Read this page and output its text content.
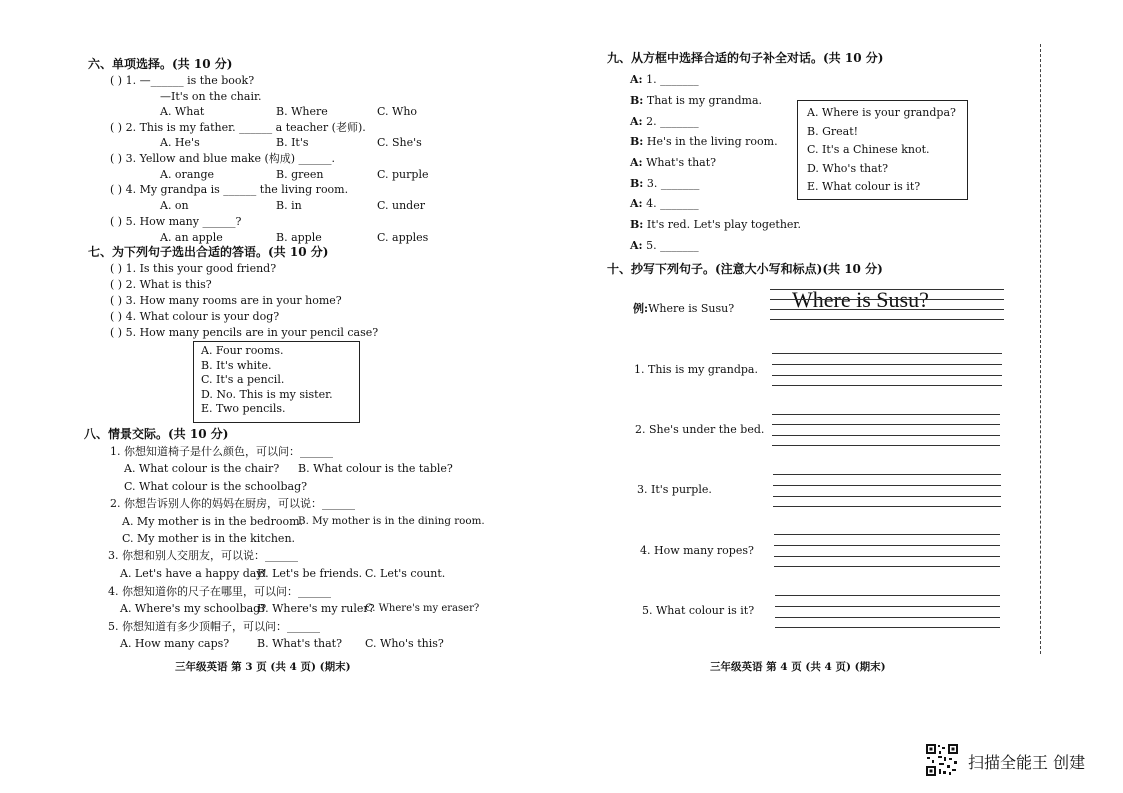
六、单项选择。(共 10 分)
( ) 1. —______ is the book?
—It's on the chair.
A. What	B. Where	C. Who
( ) 2. This is my father. ______ a teacher (老师).
A. He's	B. It's	C. She's
( ) 3. Yellow and blue make (构成) ______.
A. orange	B. green	C. purple
( ) 4. My grandpa is ______ the living room.
A. on	B. in	C. under
( ) 5. How many ______?
A. an apple	B. apple	C. apples
七、为下列句子选出合适的答语。(共 10 分)
( ) 1. Is this your good friend?
( ) 2. What is this?
( ) 3. How many rooms are in your home?
( ) 4. What colour is your dog?
( ) 5. How many pencils are in your pencil case?
A. Four rooms.
B. It's white.
C. It's a pencil.
D. No. This is my sister.
E. Two pencils.
八、情景交际。(共 10 分)
1. 你想知道椅子是什么颜色，可以问：______
A. What colour is the chair? B. What colour is the table?
C. What colour is the schoolbag?
2. 你想告诉别人你的妈妈在厨房，可以说：______
A. My mother is in the bedroom.
B. My mother is in the dining room.
C. My mother is in the kitchen.
3. 你想和别人交朋友，可以说：______
A. Let's have a happy day!
B. Let's be friends. C. Let's count.
4. 你想知道你的尺子在哪里，可以问：______
A. Where's my schoolbag?
B. Where's my ruler?
C. Where's my eraser?
5. 你想知道有多少顶帽子，可以问：______
A. How many caps?	B. What's that? C. Who's this?
三年级英语 第 3 页 (共 4 页) (期末)
九、从方框中选择合适的句子补全对话。(共 10 分)
A: 1. _______
B: That is my grandma.
A: 2. _______
B: He's in the living room.
A: What's that?
B: 3. _______
A: 4. _______
B: It's red. Let's play together.
A: 5. _______
A. Where is your grandpa?
B. Great!
C. It's a Chinese knot.
D. Who's that?
E. What colour is it?
十、抄写下列句子。(注意大小写和标点)(共 10 分)
例:Where is Susu?	Where is Susu?
1. This is my grandpa.
2. She's under the bed.
3. It's purple.
4. How many ropes?
5. What colour is it?
三年级英语 第 4 页 (共 4 页) (期末)
扫描全能王 创建
